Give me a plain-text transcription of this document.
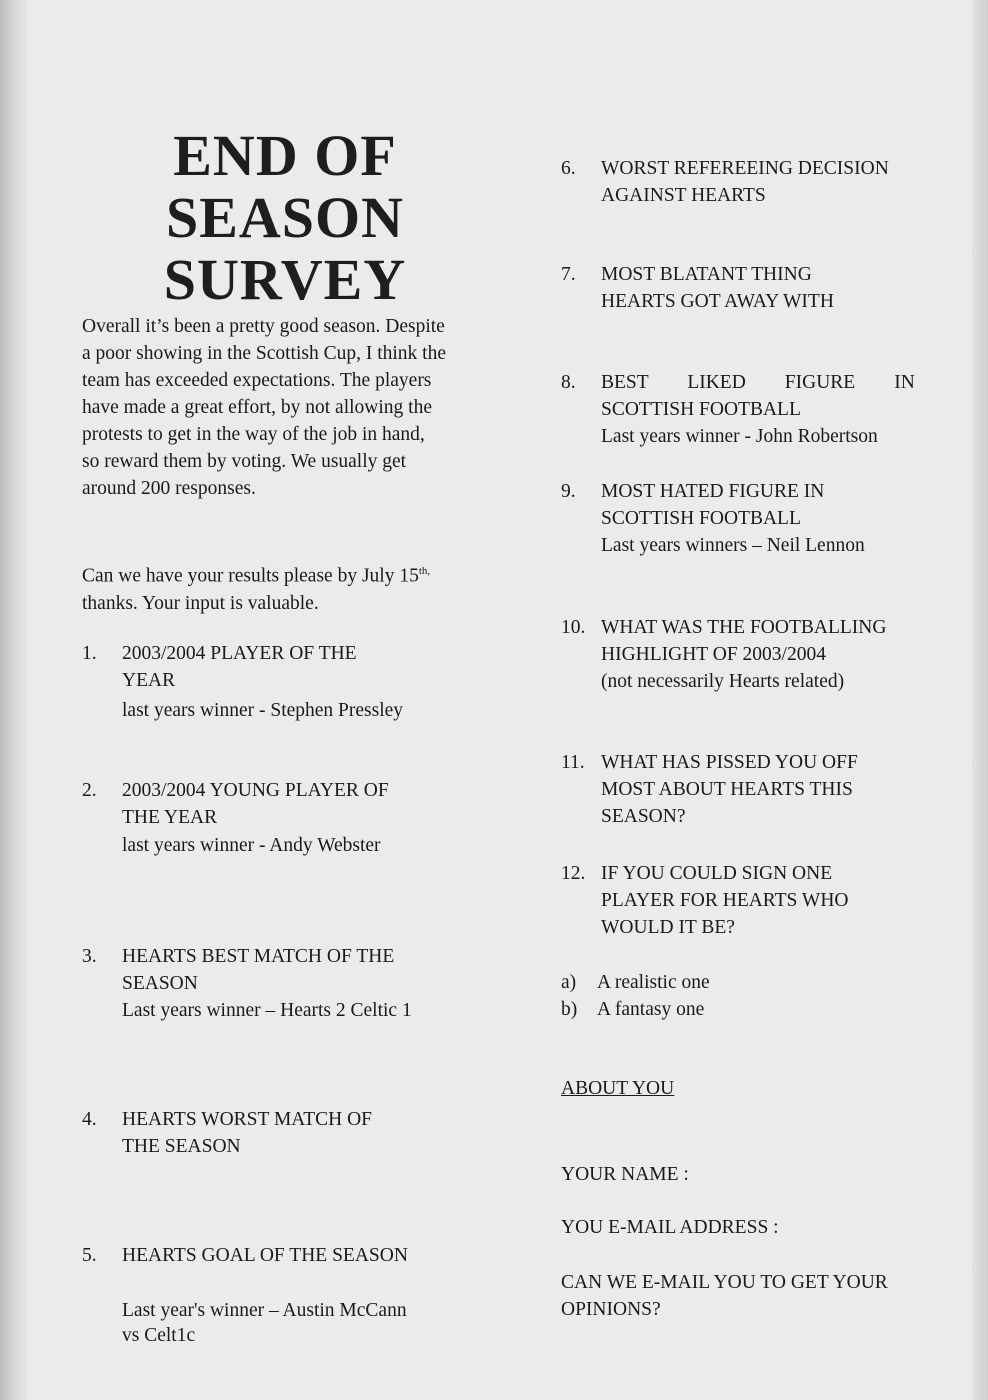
END OF
SEASON
SURVEY

Overall it’s been a pretty good season. Despite a poor showing in the Scottish Cup, I think the team has exceeded expectations. The players have made a great effort, by not allowing the protests to get in the way of the job in hand, so reward them by voting. We usually get around 200 responses.

Can we have your results please by July $15^{th,}$ thanks. Your input is valuable.

1. 2003/2004 PLAYER OF THE
YEAR
last years winner - Stephen Pressley
2. 2003/2004 YOUNG PLAYER OF
THE YEAR
last years winner - Andy Webster
3. HEARTS BEST MATCH OF THE
SEASON
Last years winner – Hearts 2 Celtic 1
4. HEARTS WORST MATCH OF
THE SEASON
5. HEARTS GOAL OF THE SEASON
Last year's winner – Austin McCann
vs Celt1c
6. WORST REFEREEING DECISION
AGAINST HEARTS
7. MOST BLATANT THING
HEARTS GOT AWAY WITH
8. BEST        LIKED        FIGURE        IN
SCOTTISH FOOTBALL
Last years winner - John Robertson
9. MOST HATED FIGURE IN
SCOTTISH FOOTBALL
Last years winners – Neil Lennon
10. WHAT WAS THE FOOTBALLING
HIGHLIGHT OF 2003/2004
(not necessarily Hearts related)
11. WHAT HAS PISSED YOU OFF
MOST ABOUT HEARTS THIS
SEASON?
12. IF YOU COULD SIGN ONE
PLAYER FOR HEARTS WHO
WOULD IT BE?
a) A realistic one
b) A fantasy one
ABOUT YOU
YOUR NAME :
YOU E-MAIL ADDRESS :
CAN WE E-MAIL YOU TO GET YOUR
OPINIONS?
